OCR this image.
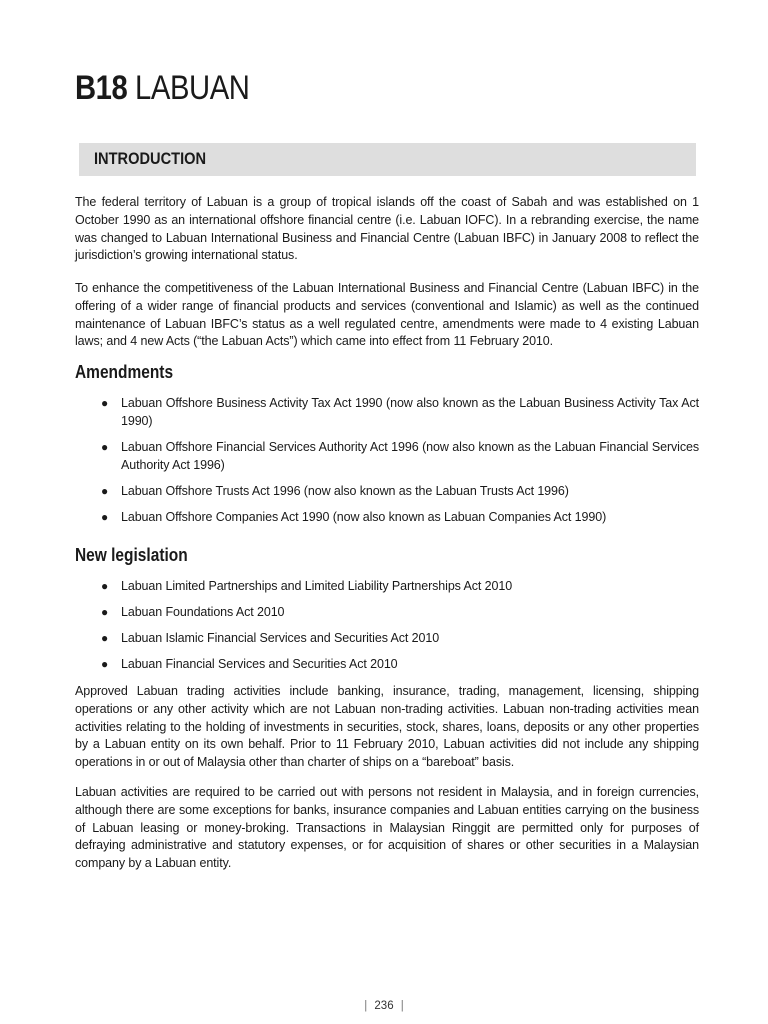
B18 LABUAN
INTRODUCTION

The federal territory of Labuan is a group of tropical islands off the coast of Sabah and was established on 1 October 1990 as an international offshore financial centre (i.e. Labuan IOFC). In a rebranding exercise, the name was changed to Labuan International Business and Financial Centre (Labuan IBFC) in January 2008 to reflect the jurisdiction’s growing international status.

To enhance the competitiveness of the Labuan International Business and Financial Centre (Labuan IBFC) in the offering of a wider range of financial products and services (conventional and Islamic) as well as the continued maintenance of Labuan IBFC’s status as a well regulated centre, amendments were made to 4 existing Labuan laws; and 4 new Acts (“the Labuan Acts”) which came into effect from 11 February 2010.

Amendments
● Labuan Offshore Business Activity Tax Act 1990 (now also known as the Labuan Business Activity Tax Act 1990)
● Labuan Offshore Financial Services Authority Act 1996 (now also known as the Labuan Financial Services Authority Act 1996)
● Labuan Offshore Trusts Act 1996 (now also known as the Labuan Trusts Act 1996)
● Labuan Offshore Companies Act 1990 (now also known as Labuan Companies Act 1990)
New legislation
● Labuan Limited Partnerships and Limited Liability Partnerships Act 2010
● Labuan Foundations Act 2010
● Labuan Islamic Financial Services and Securities Act 2010
● Labuan Financial Services and Securities Act 2010

Approved Labuan trading activities include banking, insurance, trading, management, licensing, shipping operations or any other activity which are not Labuan non-trading activities. Labuan non-trading activities mean activities relating to the holding of investments in securities, stock, shares, loans, deposits or any other properties by a Labuan entity on its own behalf. Prior to 11 February 2010, Labuan activities did not include any shipping operations in or out of Malaysia other than charter of ships on a “bareboat” basis.

Labuan activities are required to be carried out with persons not resident in Malaysia, and in foreign currencies, although there are some exceptions for banks, insurance companies and Labuan entities carrying on the business of Labuan leasing or money-broking. Transactions in Malaysian Ringgit are permitted only for purposes of defraying administrative and statutory expenses, or for acquisition of shares or other securities in a Malaysian company by a Labuan entity.

| 236 |
